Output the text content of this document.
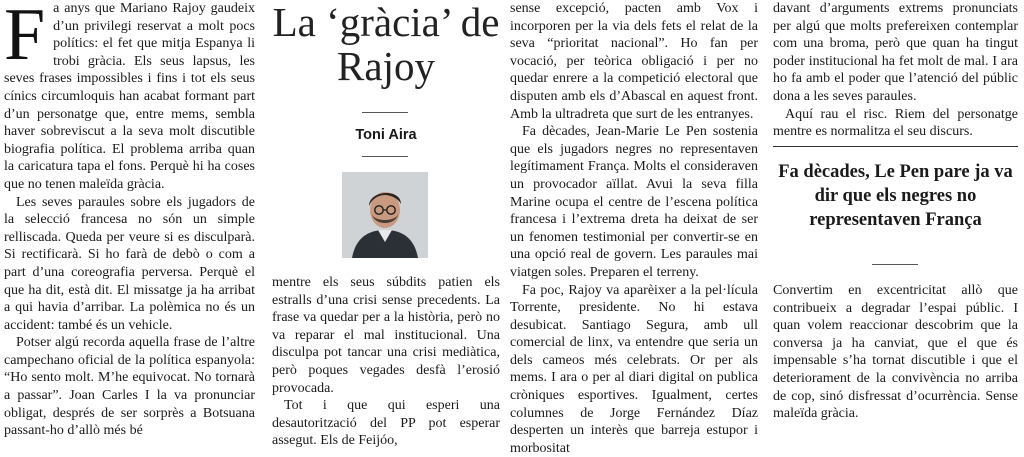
Fa anys que Mariano Rajoy gaudeix d’un privilegi reservat a molt pocs polítics: el fet que mitja Espanya li trobi gràcia. Els seus lapsus, les seves frases impossibles i fins i tot els seus cínics circumloquis han acabat formant part d’un personatge que, entre mems, sembla haver sobreviscut a la seva molt discutible biografia política. El problema arriba quan la caricatura tapa el fons. Perquè hi ha coses que no tenen maleïda gràcia.

Les seves paraules sobre els jugadors de la selecció francesa no són un simple relliscada. Queda per veure si es disculparà. Si rectificarà. Si ho farà de debò o com a part d’una coreografia perversa. Perquè el que ha dit, està dit. El missatge ja ha arribat a qui havia d’arribar. La polèmica no és un accident: també és un vehicle.

Potser algú recorda aquella frase de l’altre campechano oficial de la política espanyola: “Ho sento molt. M’he equivocat. No tornarà a passar”. Joan Carles I la va pronunciar obligat, després de ser sorprès a Botsuana passant-ho d’allò més bé

La ‘gràcia’ de Rajoy
Toni Aira

mentre els seus súbdits patien els estralls d’una crisi sense precedents. La frase va quedar per a la història, però no va reparar el mal institucional. Una disculpa pot tancar una crisi mediàtica, però poques vegades desfà l’erosió provocada.

Tot i que qui esperi una desautorització del PP pot esperar assegut. Els de Feijóo,

sense excepció, pacten amb Vox i incorporen per la via dels fets el relat de la seva “prioritat nacional”. Ho fan per vocació, per teòrica obligació i per no quedar enrere a la competició electoral que disputen amb els d’Abascal en aquest front. Amb la ultradreta que surt de les entranyes.

Fa dècades, Jean-Marie Le Pen sostenia que els jugadors negres no representaven legítimament França. Molts el consideraven un provocador aïllat. Avui la seva filla Marine ocupa el centre de l’escena política francesa i l’extrema dreta ha deixat de ser un fenomen testimonial per convertir-se en una opció real de govern. Les paraules mai viatgen soles. Preparen el terreny.

Fa poc, Rajoy va aparèixer a la pel·lícula Torrente, presidente. No hi estava desubicat. Santiago Segura, amb ull comercial de linx, va entendre que seria un dels cameos més celebrats. Or per als mems. I ara o per al diari digital on publica cròniques esportives. Igualment, certes columnes de Jorge Fernández Díaz desperten un interès que barreja estupor i morbositat

davant d’arguments extrems pronunciats per algú que molts prefereixen contemplar com una broma, però que quan ha tingut poder institucional ha fet molt de mal. I ara ho fa amb el poder que l’atenció del públic dona a les seves paraules.

Aquí rau el risc. Riem del personatge mentre es normalitza el seu discurs.

Fa dècades, Le Pen pare ja va dir que els negres no representaven França

Convertim en excentricitat allò que contribueix a degradar l’espai públic. I quan volem reaccionar descobrim que la conversa ja ha canviat, que el que és impensable s’ha tornat discutible i que el deteriorament de la convivència no arriba de cop, sinó disfressat d’ocurrència. Sense maleïda gràcia.
